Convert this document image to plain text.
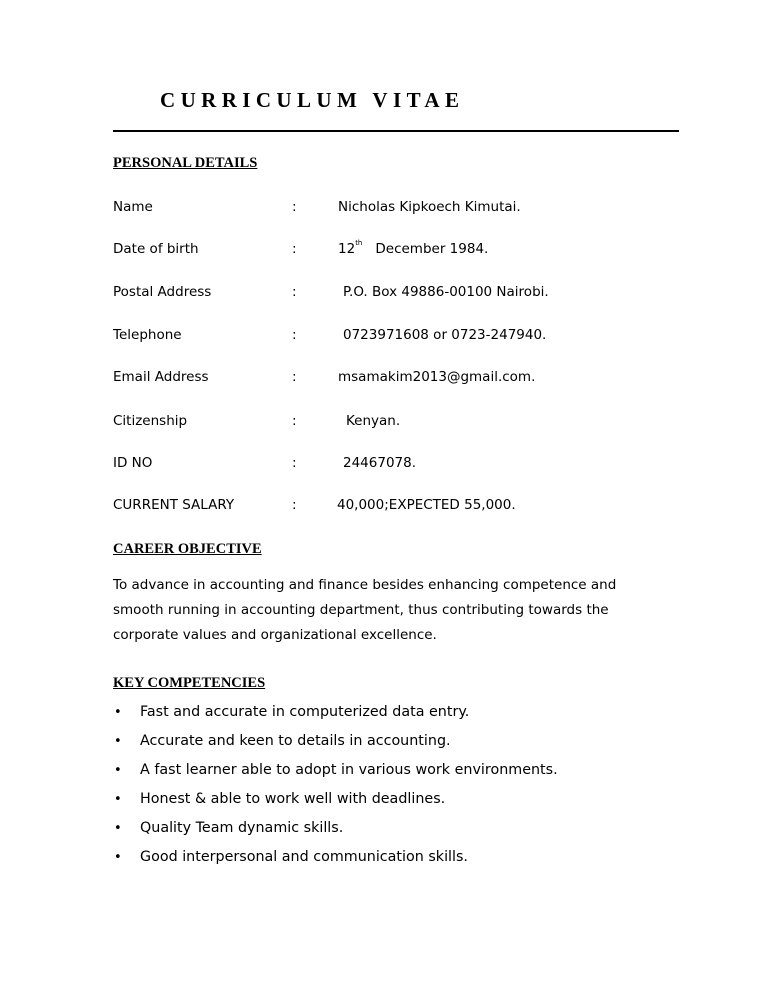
CURRICULUM VITAE
PERSONAL DETAILS
Name	:	Nicholas Kipkoech Kimutai.
Date of birth	:	12th December 1984.
Postal Address	:	P.O. Box 49886-00100 Nairobi.
Telephone	:	0723971608 or 0723-247940.
Email Address	:	msamakim2013@gmail.com.
Citizenship	:	Kenyan.
ID NO	:	24467078.
CURRENT SALARY	:	40,000;EXPECTED 55,000.
CAREER OBJECTIVE
To advance in accounting and finance besides enhancing competence and
smooth running in accounting department, thus contributing towards the
corporate values and organizational excellence.
KEY COMPETENCIES
• Fast and accurate in computerized data entry.
• Accurate and keen to details in accounting.
• A fast learner able to adopt in various work environments.
• Honest & able to work well with deadlines.
• Quality Team dynamic skills.
• Good interpersonal and communication skills.
